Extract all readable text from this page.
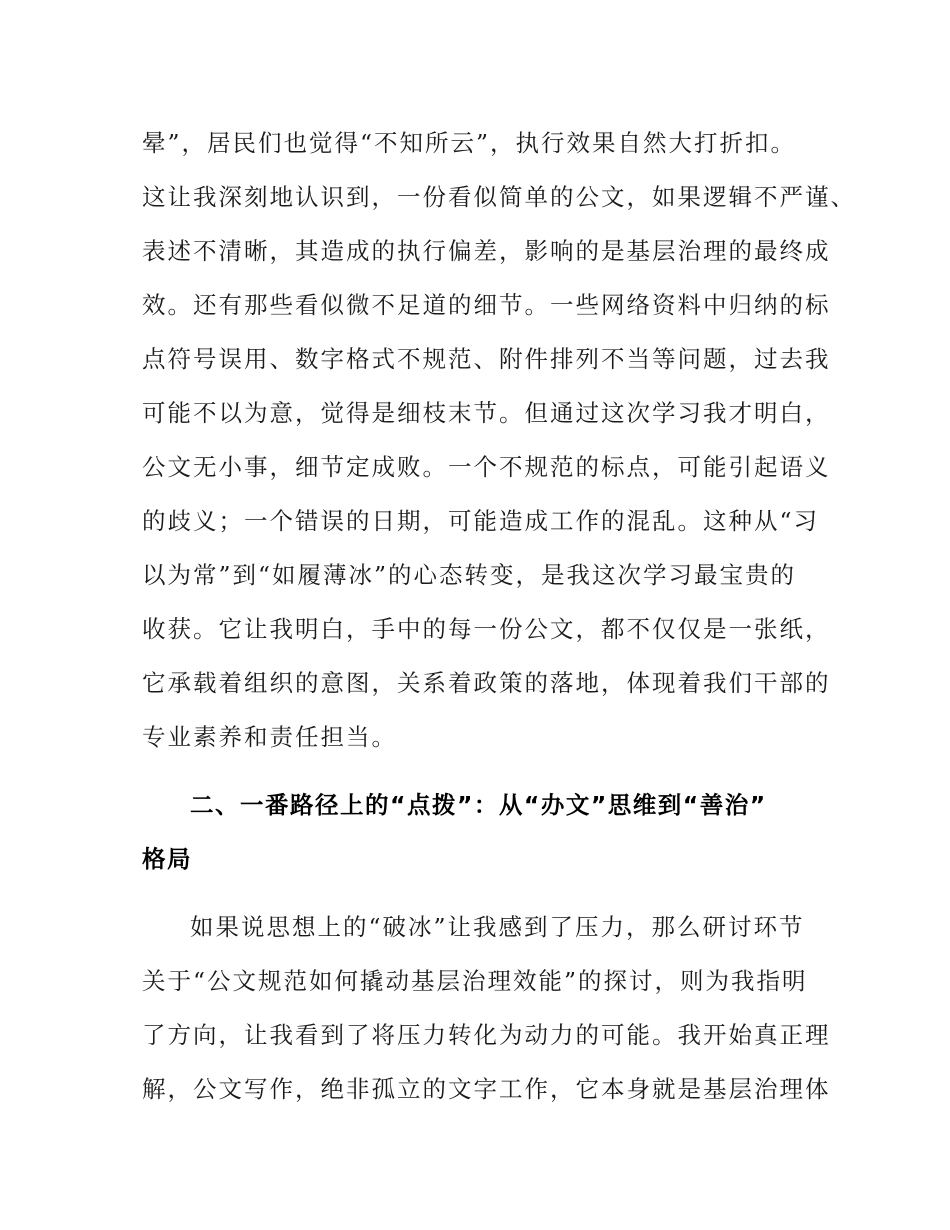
晕”，居民们也觉得“不知所云”，执行效果自然大打折扣。
这让我深刻地认识到，一份看似简单的公文，如果逻辑不严谨、
表述不清晰，其造成的执行偏差，影响的是基层治理的最终成
效。还有那些看似微不足道的细节。一些网络资料中归纳的标
点符号误用、数字格式不规范、附件排列不当等问题，过去我
可能不以为意，觉得是细枝末节。但通过这次学习我才明白，
公文无小事，细节定成败。一个不规范的标点，可能引起语义
的歧义；一个错误的日期，可能造成工作的混乱。这种从“习
以为常”到“如履薄冰”的心态转变，是我这次学习最宝贵的
收获。它让我明白，手中的每一份公文，都不仅仅是一张纸，
它承载着组织的意图，关系着政策的落地，体现着我们干部的
专业素养和责任担当。
二、一番路径上的“点拨”：从“办文”思维到“善治”
格局
如果说思想上的“破冰”让我感到了压力，那么研讨环节
关于“公文规范如何撬动基层治理效能”的探讨，则为我指明
了方向，让我看到了将压力转化为动力的可能。我开始真正理
解，公文写作，绝非孤立的文字工作，它本身就是基层治理体
